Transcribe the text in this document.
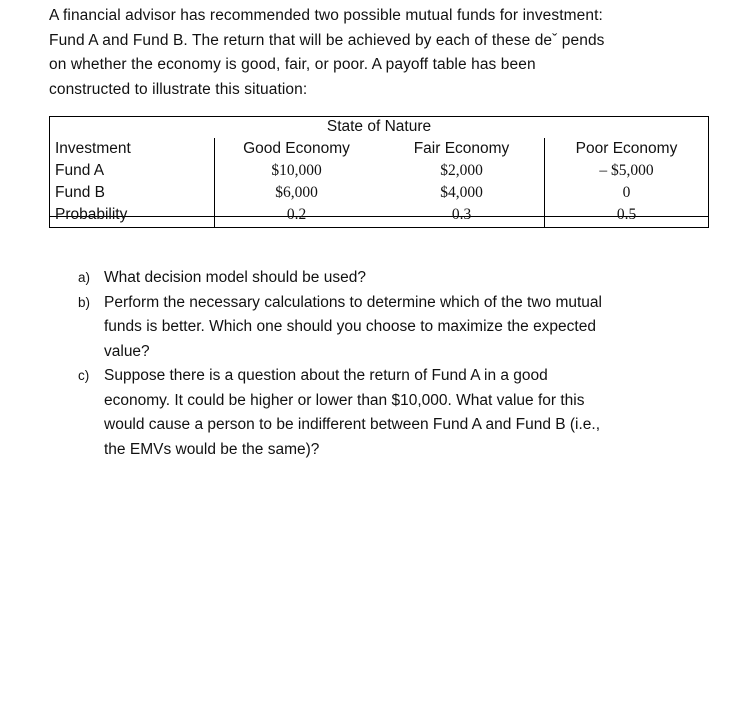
A financial advisor has recommended two possible mutual funds for investment:

Fund A and Fund B. The return that will be achieved by each of these deˇ pends

on whether the economy is good, fair, or poor. A payoff table has been

constructed to illustrate this situation:

State of Nature
Investment	Good Economy	Fair Economy	Poor Economy
Fund A	$10,000	$2,000	– $5,000
Fund B	$6,000	$4,000	0
Probability	0.2	0.3	0.5
a) What decision model should be used?
b) Perform the necessary calculations to determine which of the two mutual
funds is better. Which one should you choose to maximize the expected
value?
c) Suppose there is a question about the return of Fund A in a good
economy. It could be higher or lower than $10,000. What value for this
would cause a person to be indifferent between Fund A and Fund B (i.e.,
the EMVs would be the same)?
